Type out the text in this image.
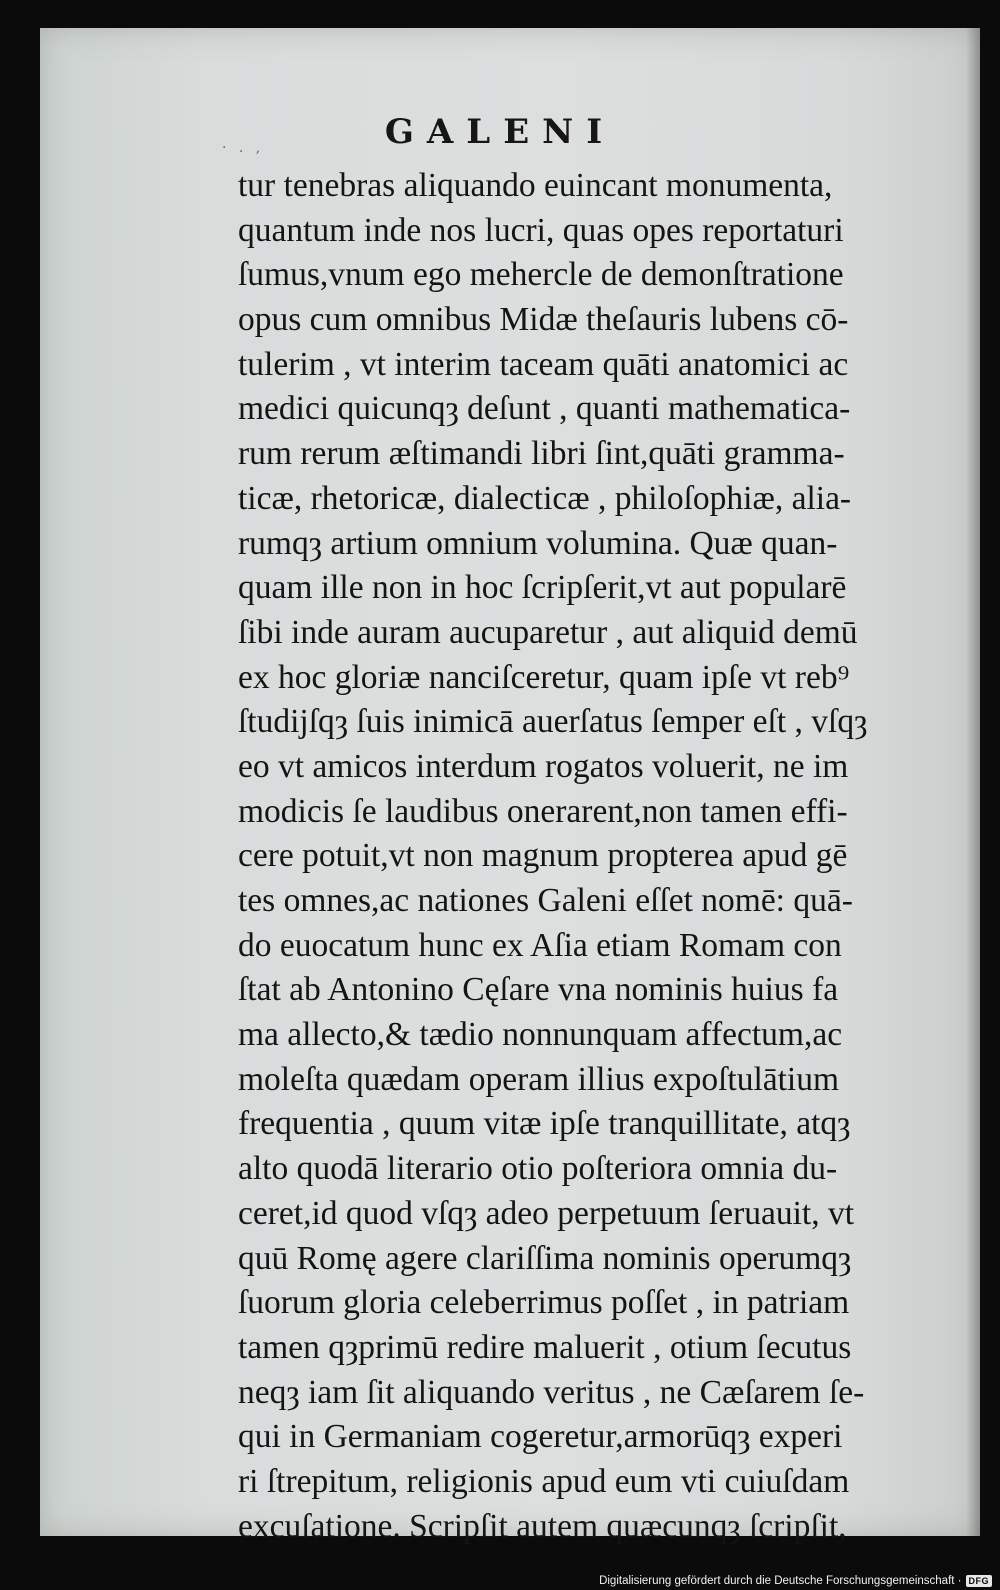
· . ,	GALENI
tur tenebras aliquando euincant monumenta,
quantum inde nos lucri, quas opes reportaturi
ſumus,vnum ego mehercle de demonſtratione
opus cum omnibus Midæ theſauris lubens cō-
tulerim , vt interim taceam quāti anatomici ac
medici quicunqȝ deſunt , quanti mathematica-
rum rerum æſtimandi libri ſint,quāti gramma-
ticæ, rhetoricæ, dialecticæ , philoſophiæ, alia-
rumqȝ artium omnium volumina. Quæ quan-
quam ille non in hoc ſcripſerit,vt aut popularē
ſibi inde auram aucuparetur , aut aliquid demū
ex hoc gloriæ nanciſceretur, quam ipſe vt reb⁹
ſtudijſqȝ ſuis inimicā auerſatus ſemper eſt , vſqȝ
eo vt amicos interdum rogatos voluerit, ne im
modicis ſe laudibus onerarent,non tamen effi-
cere potuit,vt non magnum propterea apud gē
tes omnes,ac nationes Galeni eſſet nomē: quā-
do euocatum hunc ex Aſia etiam Romam con
ſtat ab Antonino Cęſare vna nominis huius fa
ma allecto,& tædio nonnunquam affectum,ac
moleſta quædam operam illius expoſtulātium
frequentia , quum vitæ ipſe tranquillitate, atqȝ
alto quodā literario otio poſteriora omnia du-
ceret,id quod vſqȝ adeo perpetuum ſeruauit, vt
quū Romę agere clariſſima nominis operumqȝ
ſuorum gloria celeberrimus poſſet , in patriam
tamen qȝprimū redire maluerit , otium ſecutus
neqȝ iam ſit aliquando veritus , ne Cæſarem ſe-
qui in Germaniam cogeretur,armorūqȝ experi
ri ſtrepitum, religionis apud eum vti cuiuſdam
excuſatione. Scripſit autem quæcunqȝ ſcripſit,
Digitalisierung gefördert durch die Deutsche Forschungsgemeinschaft · DFG
